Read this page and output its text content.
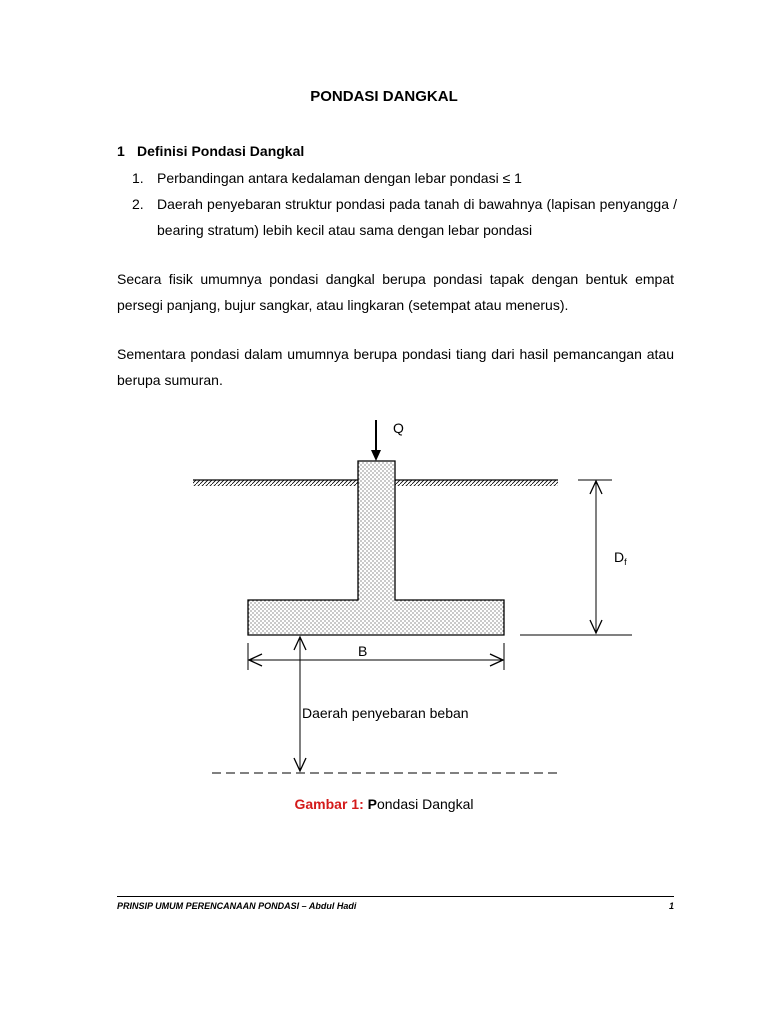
PONDASI DANGKAL
1 Definisi Pondasi Dangkal
1. Perbandingan antara kedalaman dengan lebar pondasi ≤ 1
2. Daerah penyebaran struktur pondasi pada tanah di bawahnya (lapisan penyangga / bearing stratum) lebih kecil atau sama dengan lebar pondasi
Secara fisik umumnya pondasi dangkal berupa pondasi tapak dengan bentuk empat persegi panjang, bujur sangkar, atau lingkaran (setempat atau menerus).
Sementara pondasi dalam umumnya berupa pondasi tiang dari hasil pemancangan atau berupa sumuran.
Q
$D_f$
B
Daerah penyebaran beban
Gambar 1: Pondasi Dangkal
PRINSIP UMUM PERENCANAAN PONDASI – Abdul Hadi	1
